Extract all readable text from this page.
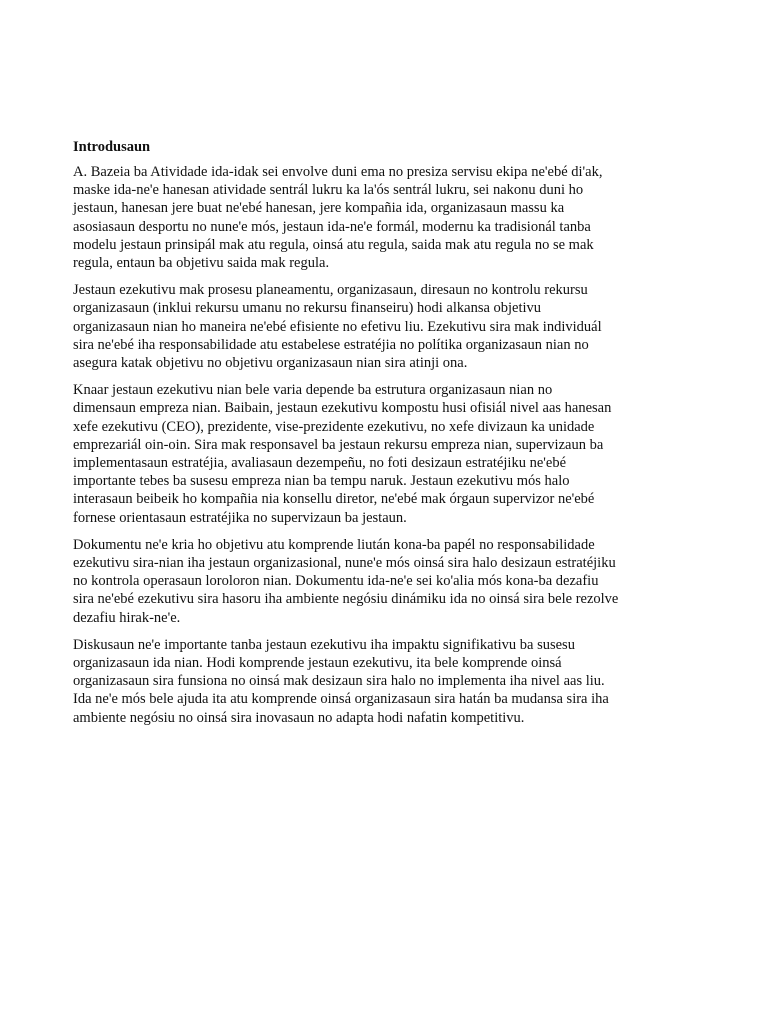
Introdusaun

A. Bazeia ba Atividade ida-idak sei envolve duni ema no presiza servisu ekipa ne'ebé di'ak,
maske ida-ne'e hanesan atividade sentrál lukru ka la'ós sentrál lukru, sei nakonu duni ho
jestaun, hanesan jere buat ne'ebé hanesan, jere kompañia ida, organizasaun massu ka
asosiasaun desportu no nune'e mós, jestaun ida-ne'e formál, modernu ka tradisionál tanba
modelu jestaun prinsipál mak atu regula, oinsá atu regula, saida mak atu regula no se mak
regula, entaun ba objetivu saida mak regula.

Jestaun ezekutivu mak prosesu planeamentu, organizasaun, diresaun no kontrolu rekursu
organizasaun (inklui rekursu umanu no rekursu finanseiru) hodi alkansa objetivu
organizasaun nian ho maneira ne'ebé efisiente no efetivu liu. Ezekutivu sira mak individuál
sira ne'ebé iha responsabilidade atu estabelese estratéjia no polítika organizasaun nian no
asegura katak objetivu no objetivu organizasaun nian sira atinji ona.

Knaar jestaun ezekutivu nian bele varia depende ba estrutura organizasaun nian no
dimensaun empreza nian. Baibain, jestaun ezekutivu kompostu husi ofisiál nivel aas hanesan
xefe ezekutivu (CEO), prezidente, vise-prezidente ezekutivu, no xefe divizaun ka unidade
emprezariál oin-oin. Sira mak responsavel ba jestaun rekursu empreza nian, supervizaun ba
implementasaun estratéjia, avaliasaun dezempeñu, no foti desizaun estratéjiku ne'ebé
importante tebes ba susesu empreza nian ba tempu naruk. Jestaun ezekutivu mós halo
interasaun beibeik ho kompañia nia konsellu diretor, ne'ebé mak órgaun supervizor ne'ebé
fornese orientasaun estratéjika no supervizaun ba jestaun.

Dokumentu ne'e kria ho objetivu atu komprende liután kona-ba papél no responsabilidade
ezekutivu sira-nian iha jestaun organizasional, nune'e mós oinsá sira halo desizaun estratéjiku
no kontrola operasaun loroloron nian. Dokumentu ida-ne'e sei ko'alia mós kona-ba dezafiu
sira ne'ebé ezekutivu sira hasoru iha ambiente negósiu dinámiku ida no oinsá sira bele rezolve
dezafiu hirak-ne'e.

Diskusaun ne'e importante tanba jestaun ezekutivu iha impaktu signifikativu ba susesu
organizasaun ida nian. Hodi komprende jestaun ezekutivu, ita bele komprende oinsá
organizasaun sira funsiona no oinsá mak desizaun sira halo no implementa iha nivel aas liu.
Ida ne'e mós bele ajuda ita atu komprende oinsá organizasaun sira hatán ba mudansa sira iha
ambiente negósiu no oinsá sira inovasaun no adapta hodi nafatin kompetitivu.
